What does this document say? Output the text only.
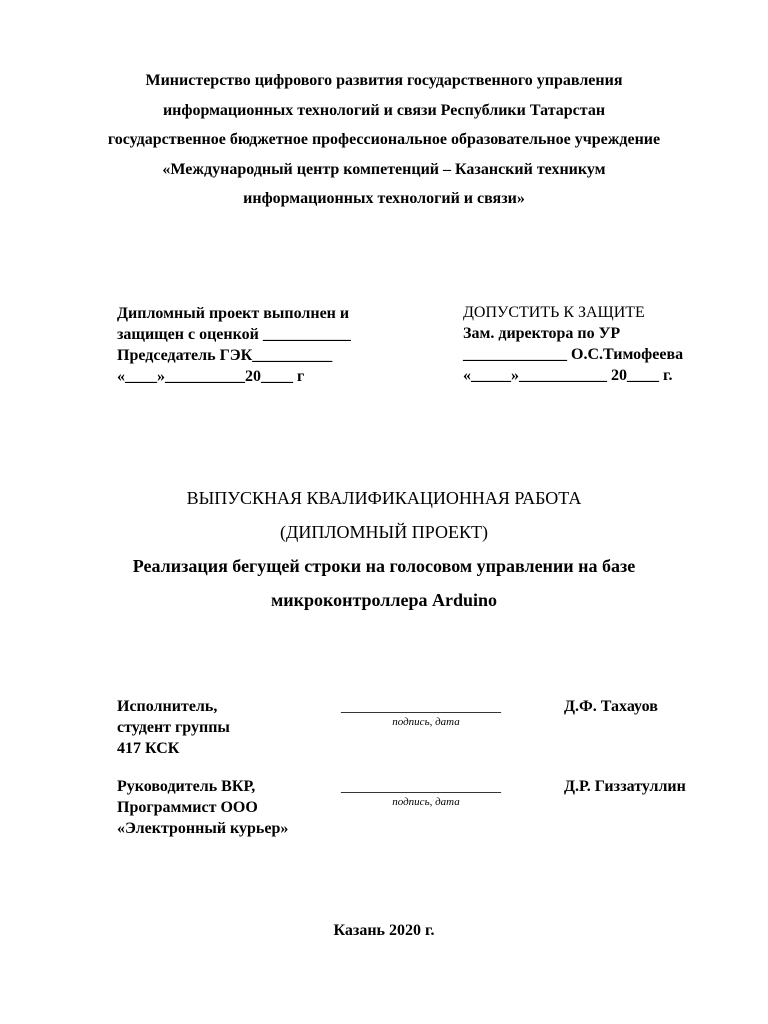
Министерство цифрового развития государственного управления
информационных технологий и связи Республики Татарстан
государственное бюджетное профессиональное образовательное учреждение
«Международный центр компетенций – Казанский техникум
информационных технологий и связи»
Дипломный проект выполнен и
защищен с оценкой ___________
Председатель ГЭК__________
«____»__________20____ г
ДОПУСТИТЬ К ЗАЩИТЕ
Зам. директора по УР
_____________ О.С.Тимофеева
«_____»___________ 20____ г.
ВЫПУСКНАЯ КВАЛИФИКАЦИОННАЯ РАБОТА
(ДИПЛОМНЫЙ ПРОЕКТ)
Реализация бегущей строки на голосовом управлении на базе
микроконтроллера Arduino
Исполнитель,
студент группы
417 КСК
____________________
подпись, дата
Д.Ф. Тахауов
Руководитель ВКР,
Программист ООО
«Электронный курьер»
____________________
подпись, дата
Д.Р. Гиззатуллин
Казань 2020 г.
